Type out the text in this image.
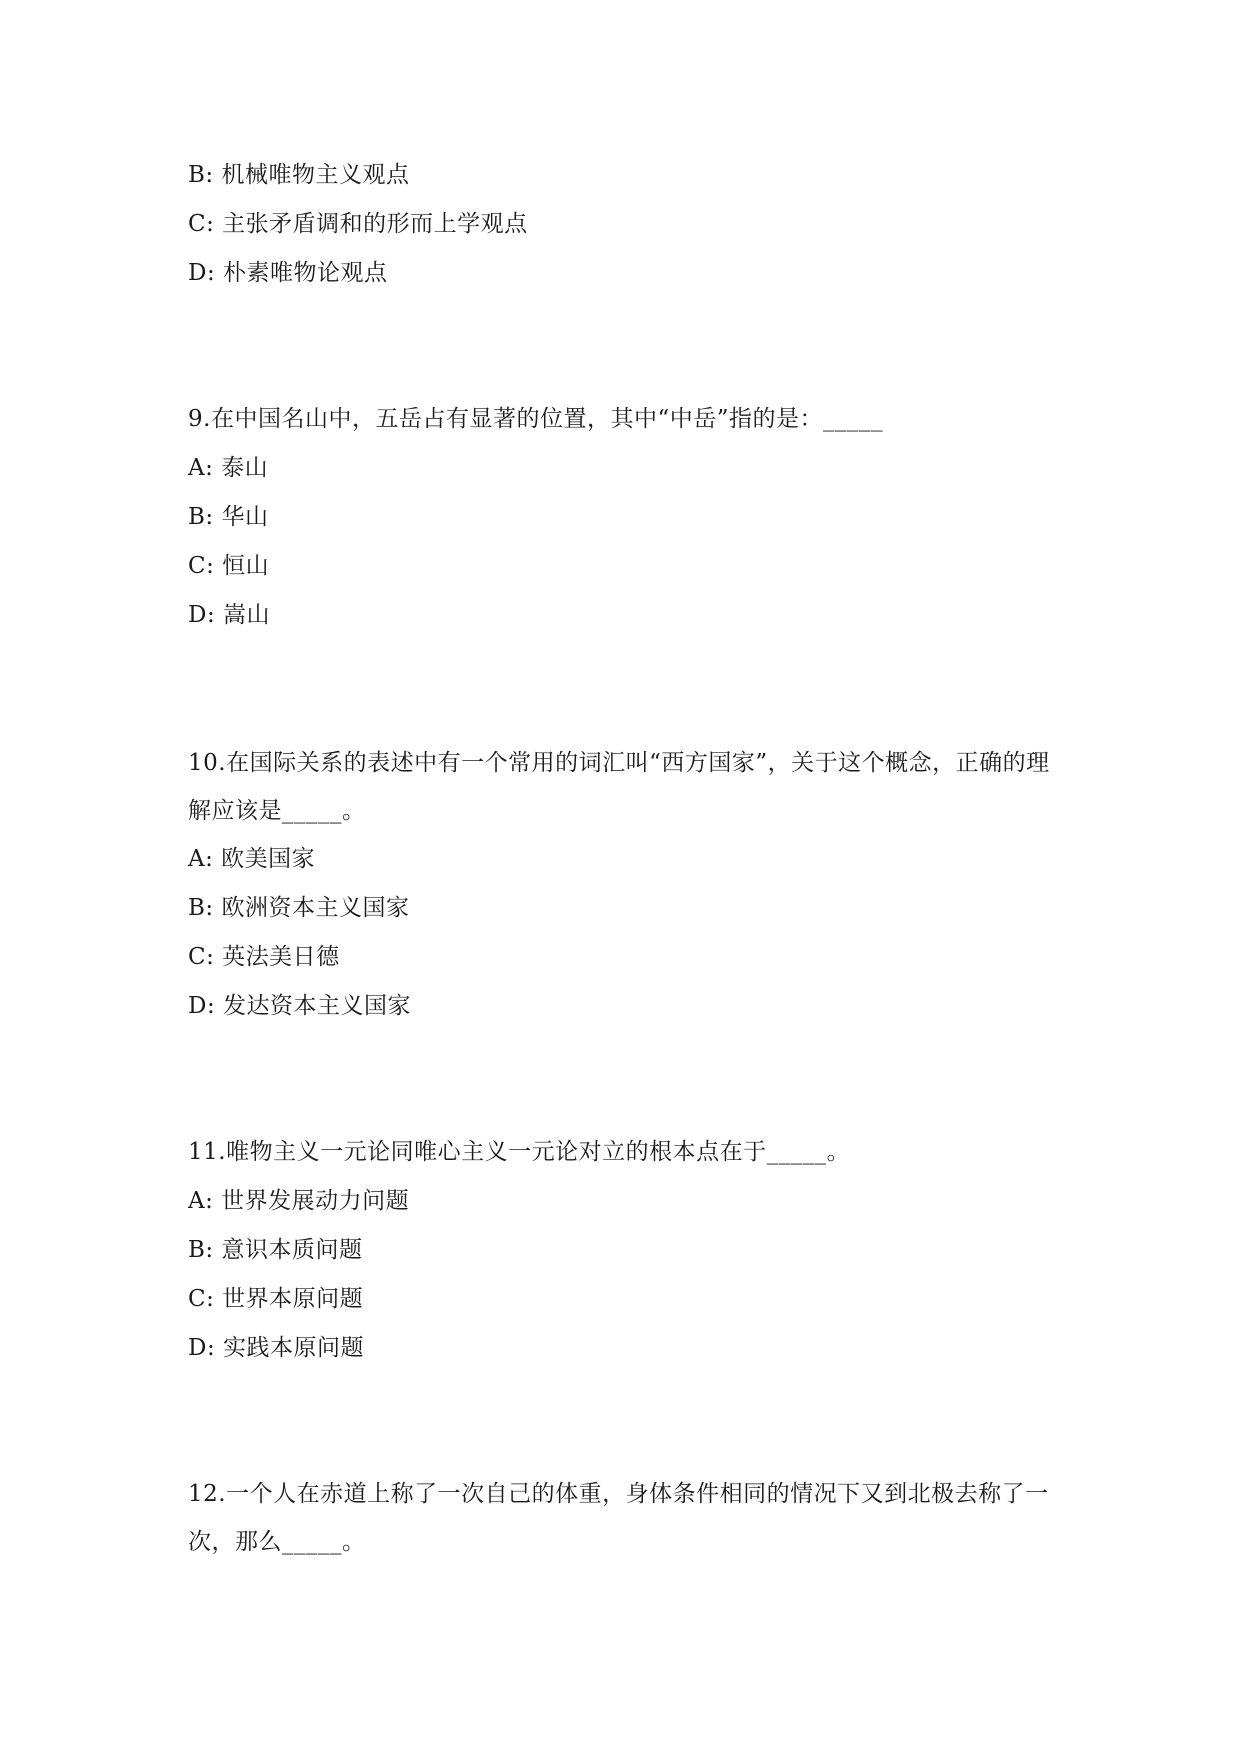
B: 机械唯物主义观点
C: 主张矛盾调和的形而上学观点
D: 朴素唯物论观点
9.在中国名山中，五岳占有显著的位置，其中“中岳”指的是：_____
A: 泰山
B: 华山
C: 恒山
D: 嵩山
10.在国际关系的表述中有一个常用的词汇叫“西方国家”，关于这个概念，正确的理解应该是_____。
A: 欧美国家
B: 欧洲资本主义国家
C: 英法美日德
D: 发达资本主义国家
11.唯物主义一元论同唯心主义一元论对立的根本点在于_____。
A: 世界发展动力问题
B: 意识本质问题
C: 世界本原问题
D: 实践本原问题
12.一个人在赤道上称了一次自己的体重，身体条件相同的情况下又到北极去称了一次，那么_____。
